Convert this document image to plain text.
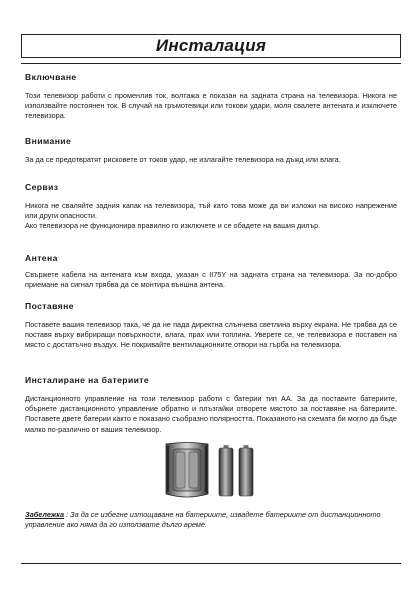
Инсталация

Включване

Този телевизор работи с променлив ток, волтажа е показан на задната страна на телевизора. Никога не използвайте постоянен ток. В случай на гръмотевици или токови удари, моля свалете антената и изключете телевизора.

Внимание

За да се предотвратят рисковете от токов удар, не излагайте телевизора на дъжд или влага.

Сервиз

Никога не сваляйте задния капак на телевизора, тъй като това може да ви изложи на високо напрежение или други опасности.

Ако телевизора не функционира правилно го изключете и се обадете на вашия дилър.

Антена

Свържете кабела на антената към входа, указан с II75Y на задната страна на телевизора. За по-добро приемане на сигнал трябва да се монтира външна антена.

Поставяне

Поставете вашия телевизор така, че да не пада директна слънчева светлина върху екрана. Не трябва да се поставя върху вибриращи повърхности, влага, прах или топлина. Уверете се, че телевизора е поставен на място с достатъчно въздух. Не покривайте вентилационните отвори на гърба на телевизора.

Инсталиране на батериите

Дистанционното управление на този телевизор работи с батерии тип АА. За да поставите батериите, обърнете дистанционното управление обратно и плъзгайки отворете мястото за поставяне на батериите. Поставете двете батерии както е показано съобразно полярността. Показаното на схемата би могло да бъде малко по-различно от вашия телевизор.

Забележка : За да се избегне изтощаване на батериите, извадете батериите от дистанционното управление ако няма да го използвате дълго време.
